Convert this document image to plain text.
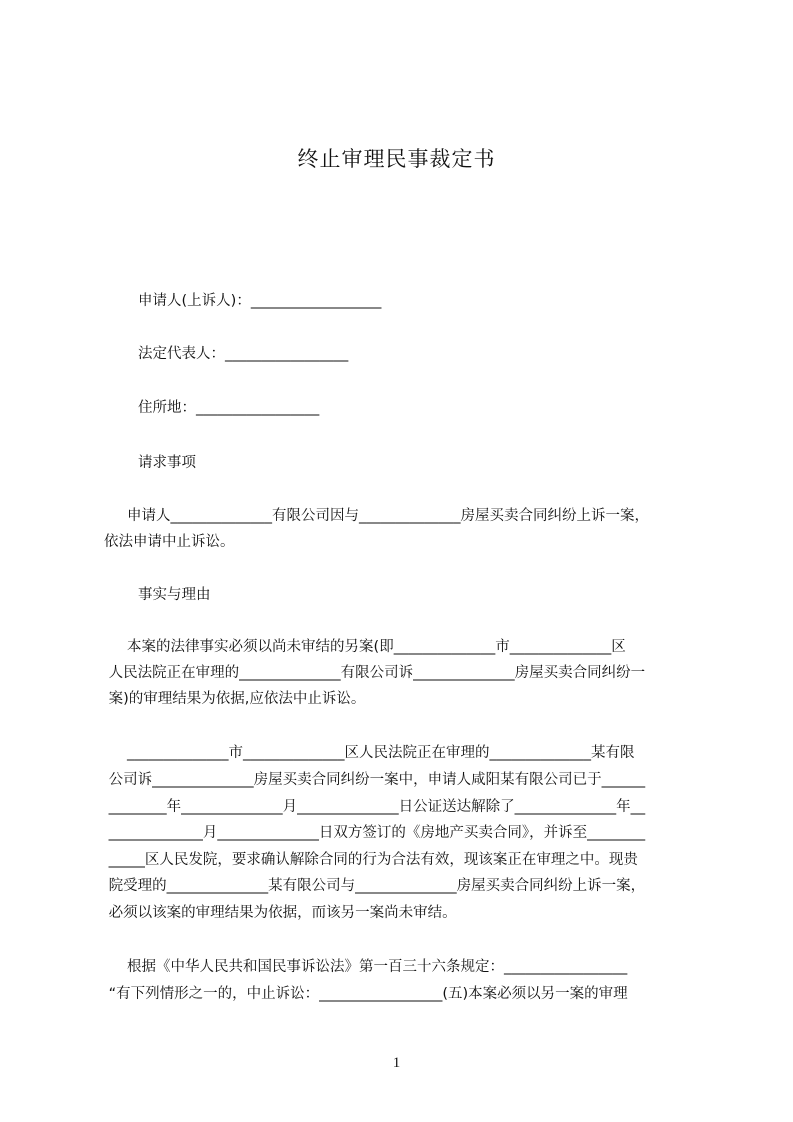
终止审理民事裁定书
申请人(上诉人)：__________________
法定代表人：_________________
住所地：_________________
请求事项
申请人______________有限公司因与______________房屋买卖合同纠纷上诉一案，
依法申请中止诉讼。
事实与理由
本案的法律事实必须以尚未审结的另案(即______________市______________区
人民法院正在审理的______________有限公司诉______________房屋买卖合同纠纷一
案)的审理结果为依据,应依法中止诉讼。
______________市______________区人民法院正在审理的______________某有限
公司诉______________房屋买卖合同纠纷一案中，申请人咸阳某有限公司已于______
________年______________月______________日公证送达解除了______________年__
_____________月______________日双方签订的《房地产买卖合同》，并诉至________
_____区人民发院，要求确认解除合同的行为合法有效，现该案正在审理之中。现贵
院受理的______________某有限公司与______________房屋买卖合同纠纷上诉一案，
必须以该案的审理结果为依据，而该另一案尚未审结。
根据《中华人民共和国民事诉讼法》第一百三十六条规定：_________________
“有下列情形之一的，中止诉讼：_________________(五)本案必须以另一案的审理
1
